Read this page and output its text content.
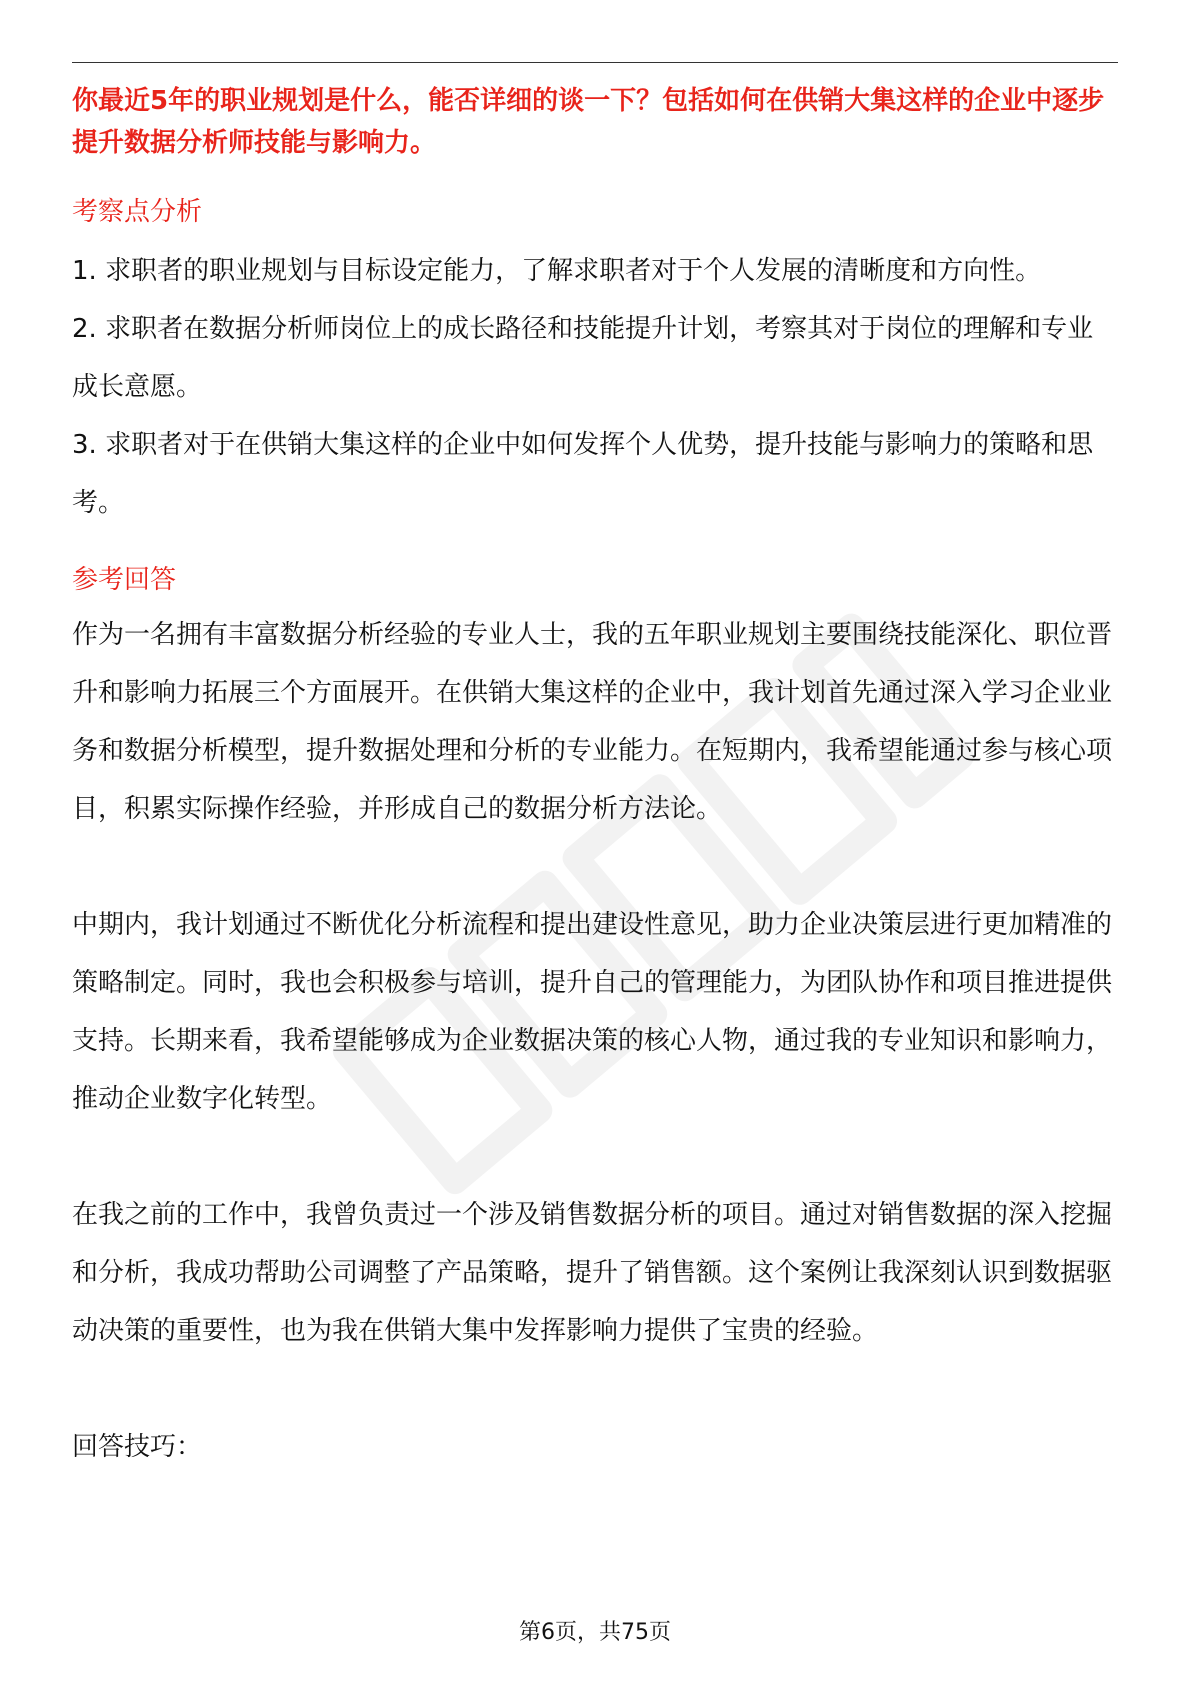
你最近5年的职业规划是什么，能否详细的谈一下？包括如何在供销大集这样的企业中逐步提升数据分析师技能与影响力。

考察点分析

1. 求职者的职业规划与目标设定能力，了解求职者对于个人发展的清晰度和方向性。

2. 求职者在数据分析师岗位上的成长路径和技能提升计划，考察其对于岗位的理解和专业成长意愿。

3. 求职者对于在供销大集这样的企业中如何发挥个人优势，提升技能与影响力的策略和思考。

参考回答

作为一名拥有丰富数据分析经验的专业人士，我的五年职业规划主要围绕技能深化、职位晋升和影响力拓展三个方面展开。在供销大集这样的企业中，我计划首先通过深入学习企业业务和数据分析模型，提升数据处理和分析的专业能力。在短期内，我希望能通过参与核心项目，积累实际操作经验，并形成自己的数据分析方法论。

中期内，我计划通过不断优化分析流程和提出建设性意见，助力企业决策层进行更加精准的策略制定。同时，我也会积极参与培训，提升自己的管理能力，为团队协作和项目推进提供支持。长期来看，我希望能够成为企业数据决策的核心人物，通过我的专业知识和影响力，推动企业数字化转型。

在我之前的工作中，我曾负责过一个涉及销售数据分析的项目。通过对销售数据的深入挖掘和分析，我成功帮助公司调整了产品策略，提升了销售额。这个案例让我深刻认识到数据驱动决策的重要性，也为我在供销大集中发挥影响力提供了宝贵的经验。

回答技巧：

第6页，共75页
